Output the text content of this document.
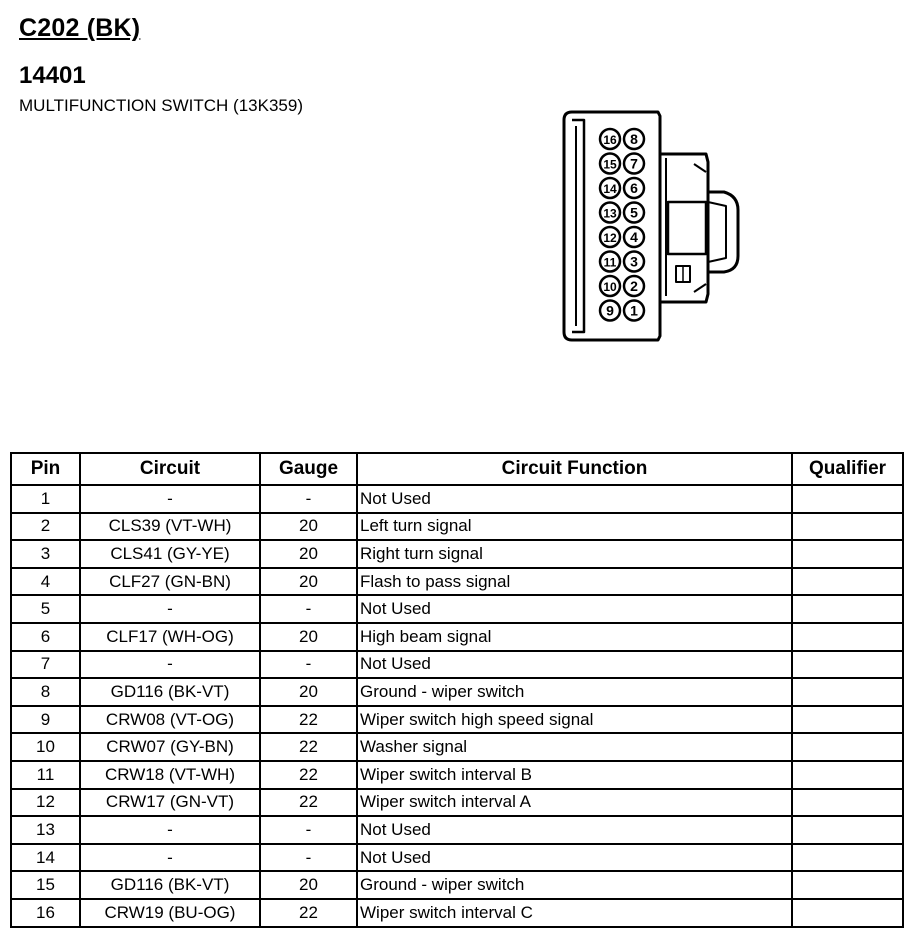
C202 (BK)
14401
MULTIFUNCTION SWITCH (13K359)
16 8
15 7
14 6
13 5
12 4
11 3
10 2
9 1
Pin	Circuit	Gauge	Circuit Function	Qualifier
1	-	-	Not Used	
2	CLS39 (VT-WH)	20	Left turn signal	
3	CLS41 (GY-YE)	20	Right turn signal	
4	CLF27 (GN-BN)	20	Flash to pass signal	
5	-	-	Not Used	
6	CLF17 (WH-OG)	20	High beam signal	
7	-	-	Not Used	
8	GD116 (BK-VT)	20	Ground - wiper switch	
9	CRW08 (VT-OG)	22	Wiper switch high speed signal	
10	CRW07 (GY-BN)	22	Washer signal	
11	CRW18 (VT-WH)	22	Wiper switch interval B	
12	CRW17 (GN-VT)	22	Wiper switch interval A	
13	-	-	Not Used	
14	-	-	Not Used	
15	GD116 (BK-VT)	20	Ground - wiper switch	
16	CRW19 (BU-OG)	22	Wiper switch interval C	
